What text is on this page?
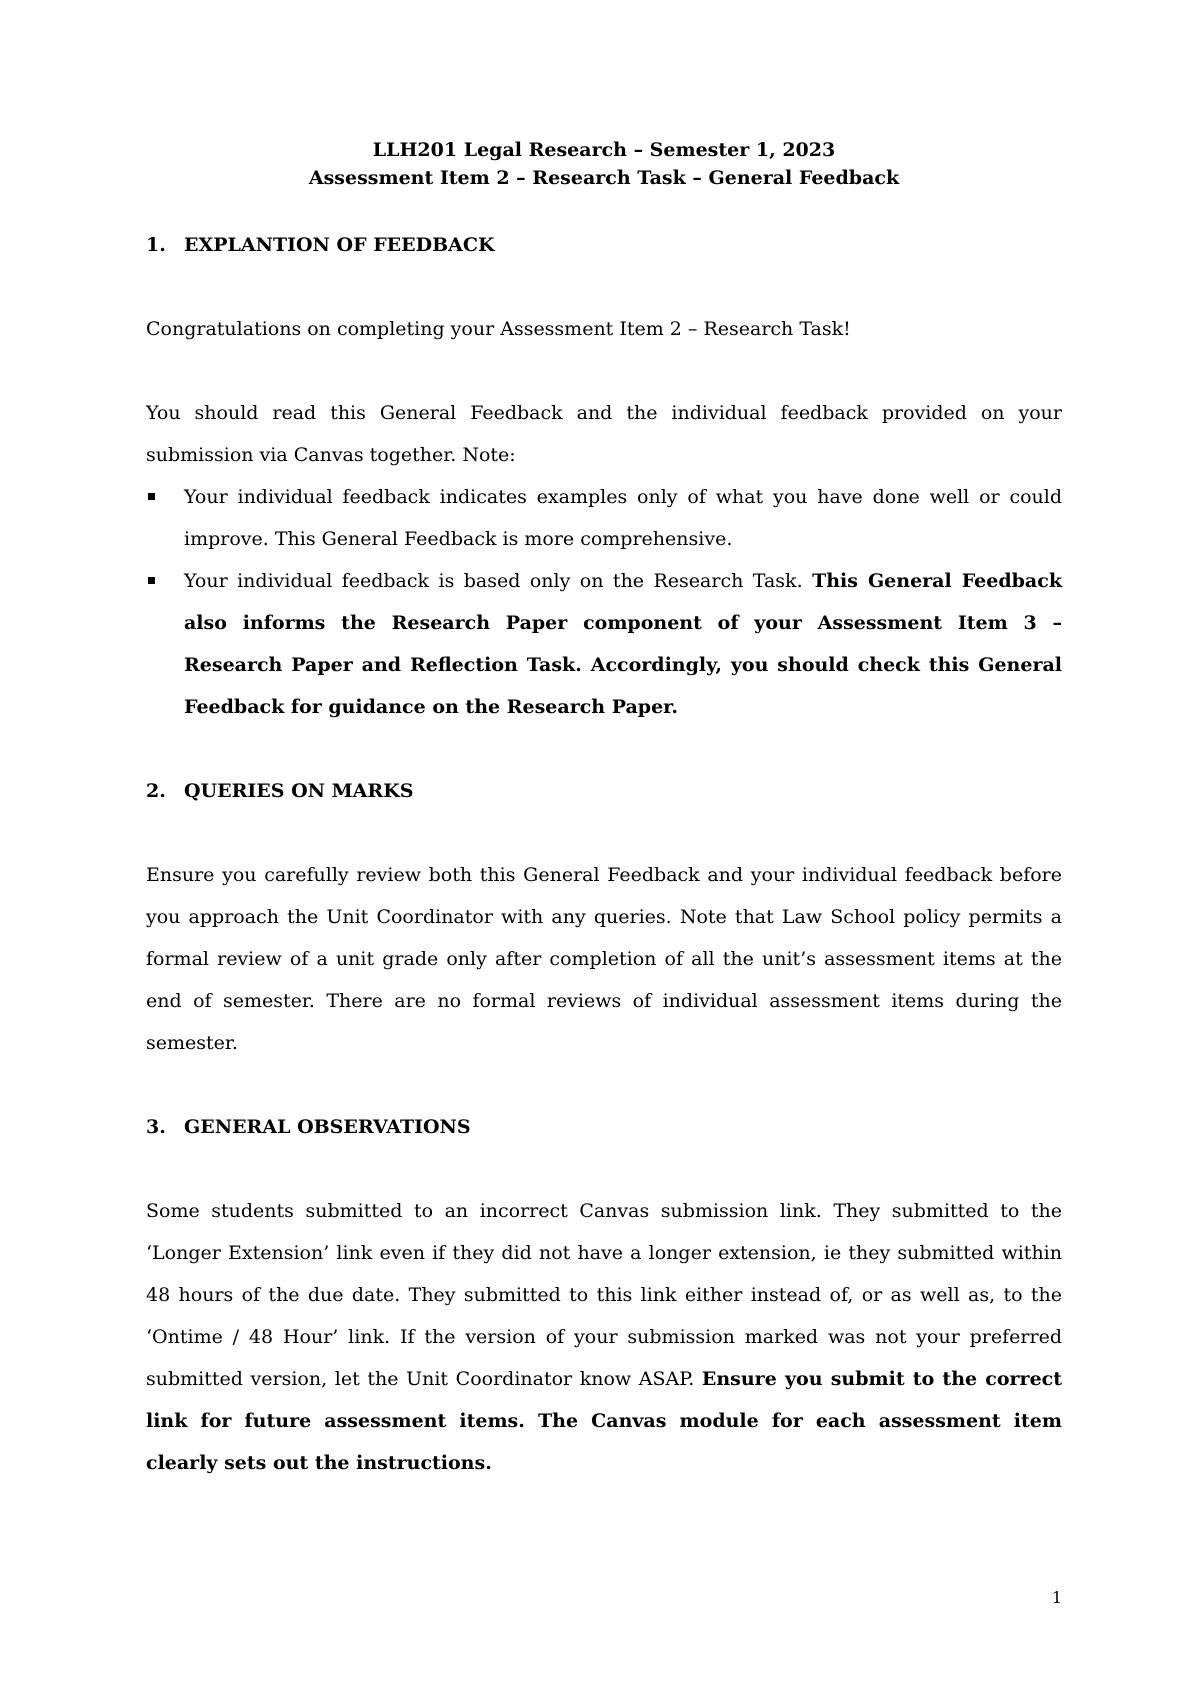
LLH201 Legal Research – Semester 1, 2023

Assessment Item 2 – Research Task – General Feedback

1. EXPLANTION OF FEEDBACK

Congratulations on completing your Assessment Item 2 – Research Task!

You should read this General Feedback and the individual feedback provided on your submission via Canvas together. Note:

Your individual feedback indicates examples only of what you have done well or could improve. This General Feedback is more comprehensive.
Your individual feedback is based only on the Research Task. This General Feedback also informs the Research Paper component of your Assessment Item 3 – Research Paper and Reflection Task. Accordingly, you should check this General Feedback for guidance on the Research Paper.

2. QUERIES ON MARKS

Ensure you carefully review both this General Feedback and your individual feedback before you approach the Unit Coordinator with any queries. Note that Law School policy permits a formal review of a unit grade only after completion of all the unit’s assessment items at the end of semester. There are no formal reviews of individual assessment items during the semester.

3. GENERAL OBSERVATIONS

Some students submitted to an incorrect Canvas submission link. They submitted to the ‘Longer Extension’ link even if they did not have a longer extension, ie they submitted within 48 hours of the due date. They submitted to this link either instead of, or as well as, to the ‘Ontime / 48 Hour’ link. If the version of your submission marked was not your preferred submitted version, let the Unit Coordinator know ASAP. Ensure you submit to the correct link for future assessment items. The Canvas module for each assessment item clearly sets out the instructions.

1
